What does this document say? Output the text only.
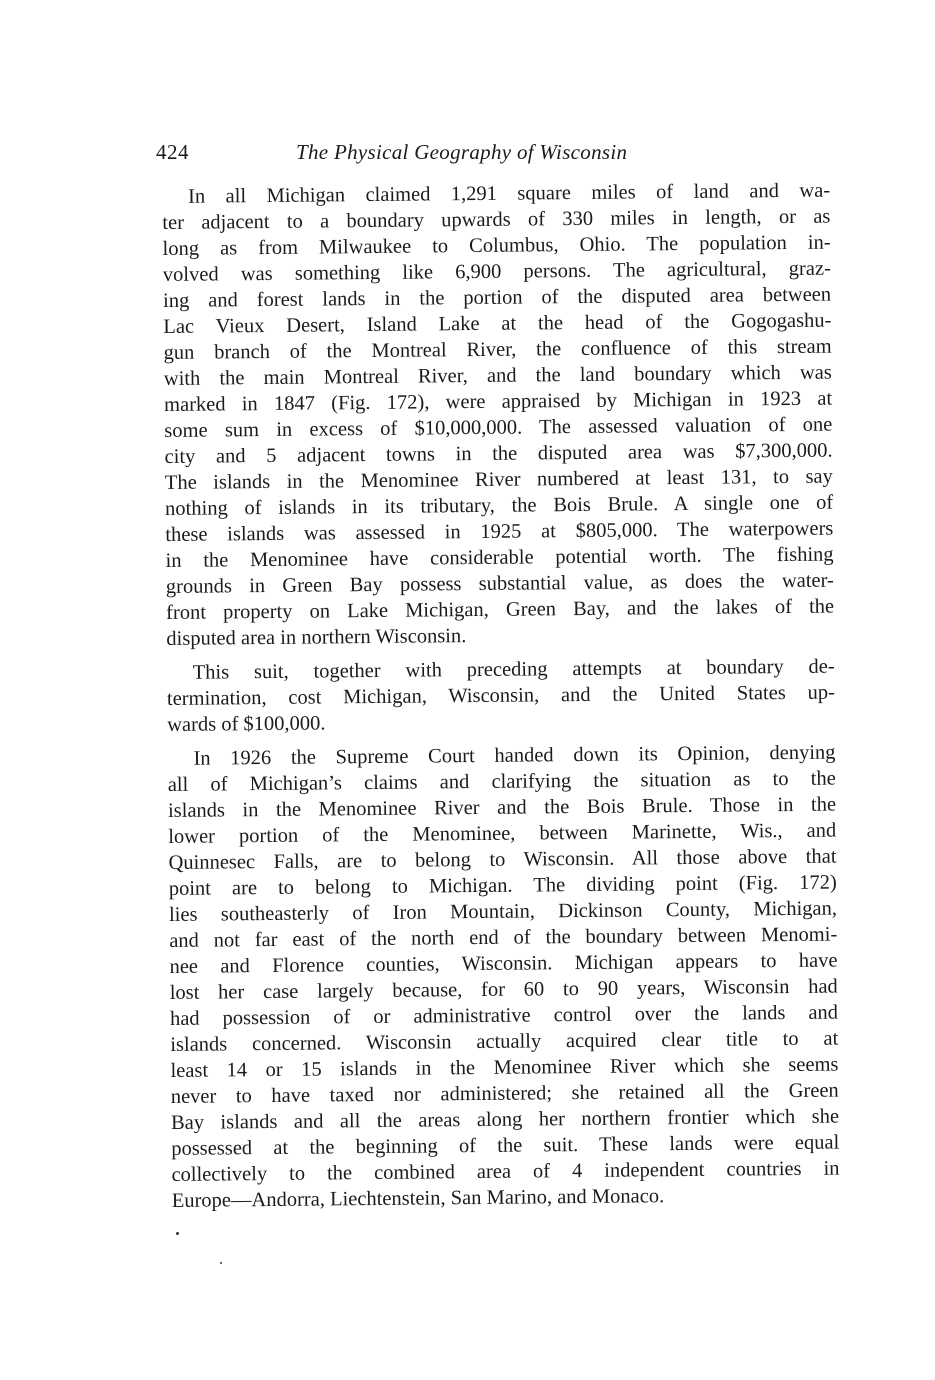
424	The Physical Geography of Wisconsin
In all Michigan claimed 1,291 square miles of land and wa-
ter adjacent to a boundary upwards of 330 miles in length, or as
long as from Milwaukee to Columbus, Ohio. The population in-
volved was something like 6,900 persons. The agricultural, graz-
ing and forest lands in the portion of the disputed area between
Lac Vieux Desert, Island Lake at the head of the Gogogashu-
gun branch of the Montreal River, the confluence of this stream
with the main Montreal River, and the land boundary which was
marked in 1847 (Fig. 172), were appraised by Michigan in 1923 at
some sum in excess of $10,000,000. The assessed valuation of one
city and 5 adjacent towns in the disputed area was $7,300,000.
The islands in the Menominee River numbered at least 131, to say
nothing of islands in its tributary, the Bois Brule. A single one of
these islands was assessed in 1925 at $805,000. The waterpowers
in the Menominee have considerable potential worth. The fishing
grounds in Green Bay possess substantial value, as does the water-
front property on Lake Michigan, Green Bay, and the lakes of the
disputed area in northern Wisconsin.
This suit, together with preceding attempts at boundary de-
termination, cost Michigan, Wisconsin, and the United States up-
wards of $100,000.
In 1926 the Supreme Court handed down its Opinion, denying
all of Michigan’s claims and clarifying the situation as to the
islands in the Menominee River and the Bois Brule. Those in the
lower portion of the Menominee, between Marinette, Wis., and
Quinnesec Falls, are to belong to Wisconsin. All those above that
point are to belong to Michigan. The dividing point (Fig. 172)
lies southeasterly of Iron Mountain, Dickinson County, Michigan,
and not far east of the north end of the boundary between Menomi-
nee and Florence counties, Wisconsin. Michigan appears to have
lost her case largely because, for 60 to 90 years, Wisconsin had
had possession of or administrative control over the lands and
islands concerned. Wisconsin actually acquired clear title to at
least 14 or 15 islands in the Menominee River which she seems
never to have taxed nor administered; she retained all the Green
Bay islands and all the areas along her northern frontier which she
possessed at the beginning of the suit. These lands were equal
collectively to the combined area of 4 independent countries in
Europe—Andorra, Liechtenstein, San Marino, and Monaco.
